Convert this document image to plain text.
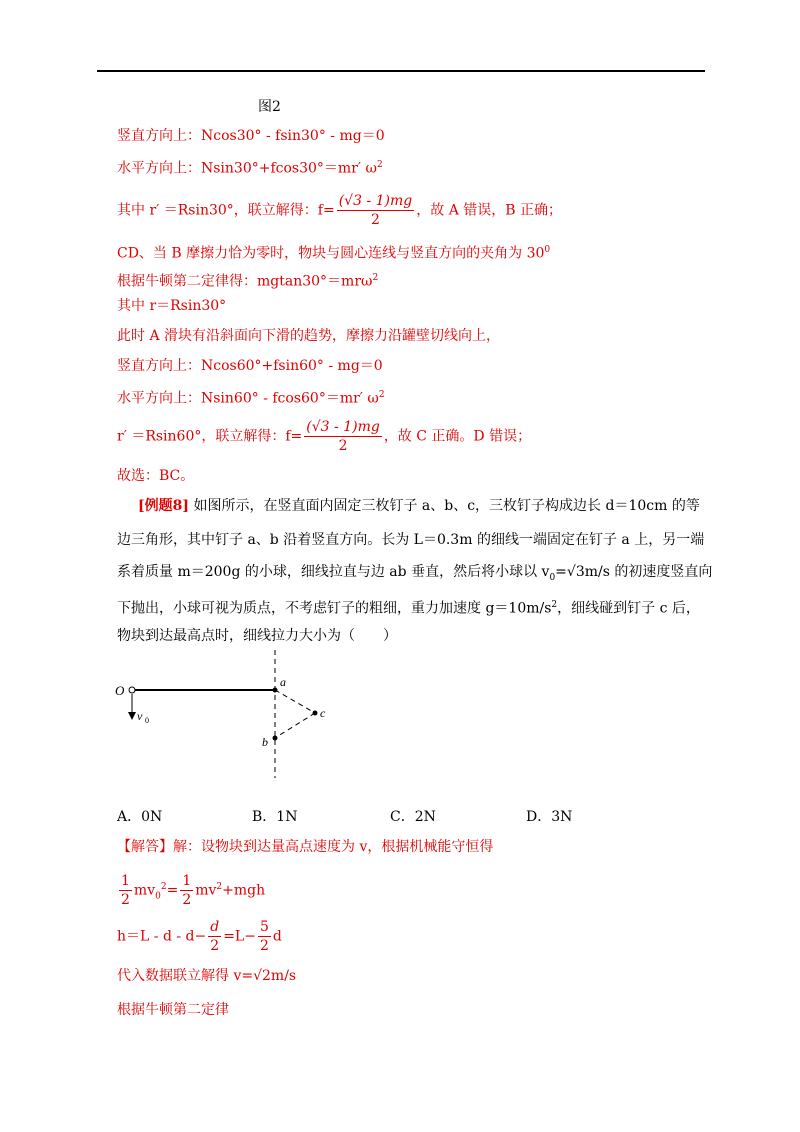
图2
竖直方向上：Ncos30° - fsin30° - mg＝0
水平方向上：Nsin30°+fcos30°＝mr′ $\omega^2$
其中 r′ ＝Rsin30°，联立解得：$f= \frac{(√3 - 1)mg}{2}$ ，故 A 错误，B 正确；
CD、当 B 摩擦力恰为零时，物块与圆心连线与竖直方向的夹角为 $30^0$
根据牛顿第二定律得：mgtan30°＝mrω$^2$
其中 r＝Rsin30°
此时 A 滑块有沿斜面向下滑的趋势，摩擦力沿罐壁切线向上，
竖直方向上：Ncos60°+fsin60° - mg＝0
水平方向上：Nsin60° - fcos60°＝mr′ $\omega^2$
r′ ＝Rsin60°，联立解得：$f= \frac{(√3 - 1)mg}{2}$ ，故 C 正确。D 错误；
故选：BC。
[例题8] 如图所示，在竖直面内固定三枚钉子 a、b、c，三枚钉子构成边长 d＝10cm 的等
边三角形，其中钉子 a、b 沿着竖直方向。长为 L＝0.3m 的细线一端固定在钉子 a 上，另一端
系着质量 m＝200g 的小球，细线拉直与边 ab 垂直，然后将小球以 $v_0=√3m/s$ 的初速度竖直向
下抛出，小球可视为质点，不考虑钉子的粗细，重力加速度 $g=10m/s^2$，细线碰到钉子 c 后，
物块到达最高点时，细线拉力大小为（　　）
O
v 0
a
b
c
A．0N	B．1N	C．2N	D．3N
【解答】解：设物块到达量高点速度为 v，根据机械能守恒得
$\frac{1}{2} mv_0^2= \frac{1}{2} mv^2+mgh$
$h=L - d - d- \frac{d}{2} =L- \frac{5}{2}$ d
代入数据联立解得 v=√2m/s
根据牛顿第二定律
